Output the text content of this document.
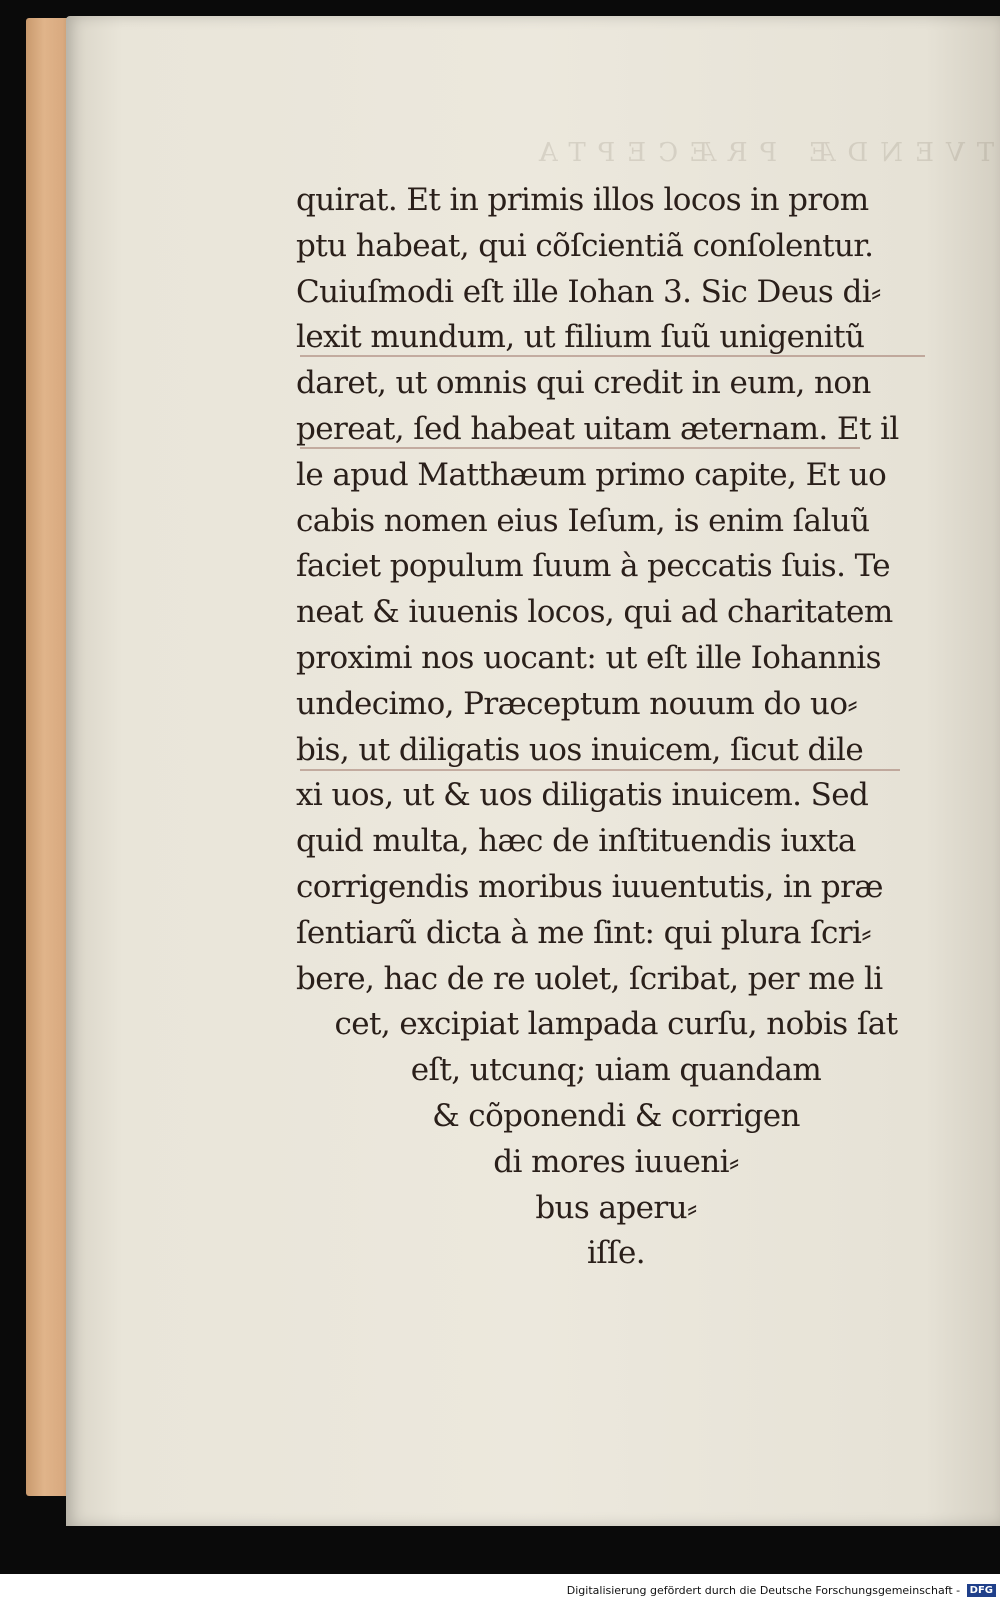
TVENDÆ PRÆCEPTA
quirat. Et in primis illos locos in prom
ptu habeat, qui cõſcientiã conſolentur.
Cuiuſmodi eſt ille Iohan 3. Sic Deus di⸗
lexit mundum, ut filium ſuũ unigenitũ
daret, ut omnis qui credit in eum, non
pereat, ſed habeat uitam æternam. Et il
le apud Matthæum primo capite, Et uo
cabis nomen eius Ieſum, is enim ſaluũ
faciet populum ſuum à peccatis ſuis. Te
neat & iuuenis locos, qui ad charitatem
proximi nos uocant: ut eſt ille Iohannis
undecimo, Præceptum nouum do uo⸗
bis, ut diligatis uos inuicem, ſicut dile
xi uos, ut & uos diligatis inuicem. Sed
quid multa, hæc de inſtituendis iuxta
corrigendis moribus iuuentutis, in præ
ſentiarũ dicta à me ſint: qui plura ſcri⸗
bere, hac de re uolet, ſcribat, per me li
cet, excipiat lampada curſu, nobis ſat
eſt, utcunq; uiam quandam
& cõponendi & corrigen
di mores iuueni⸗
bus aperu⸗
iſſe.
Digitalisierung gefördert durch die Deutsche Forschungsgemeinschaft - DFG
